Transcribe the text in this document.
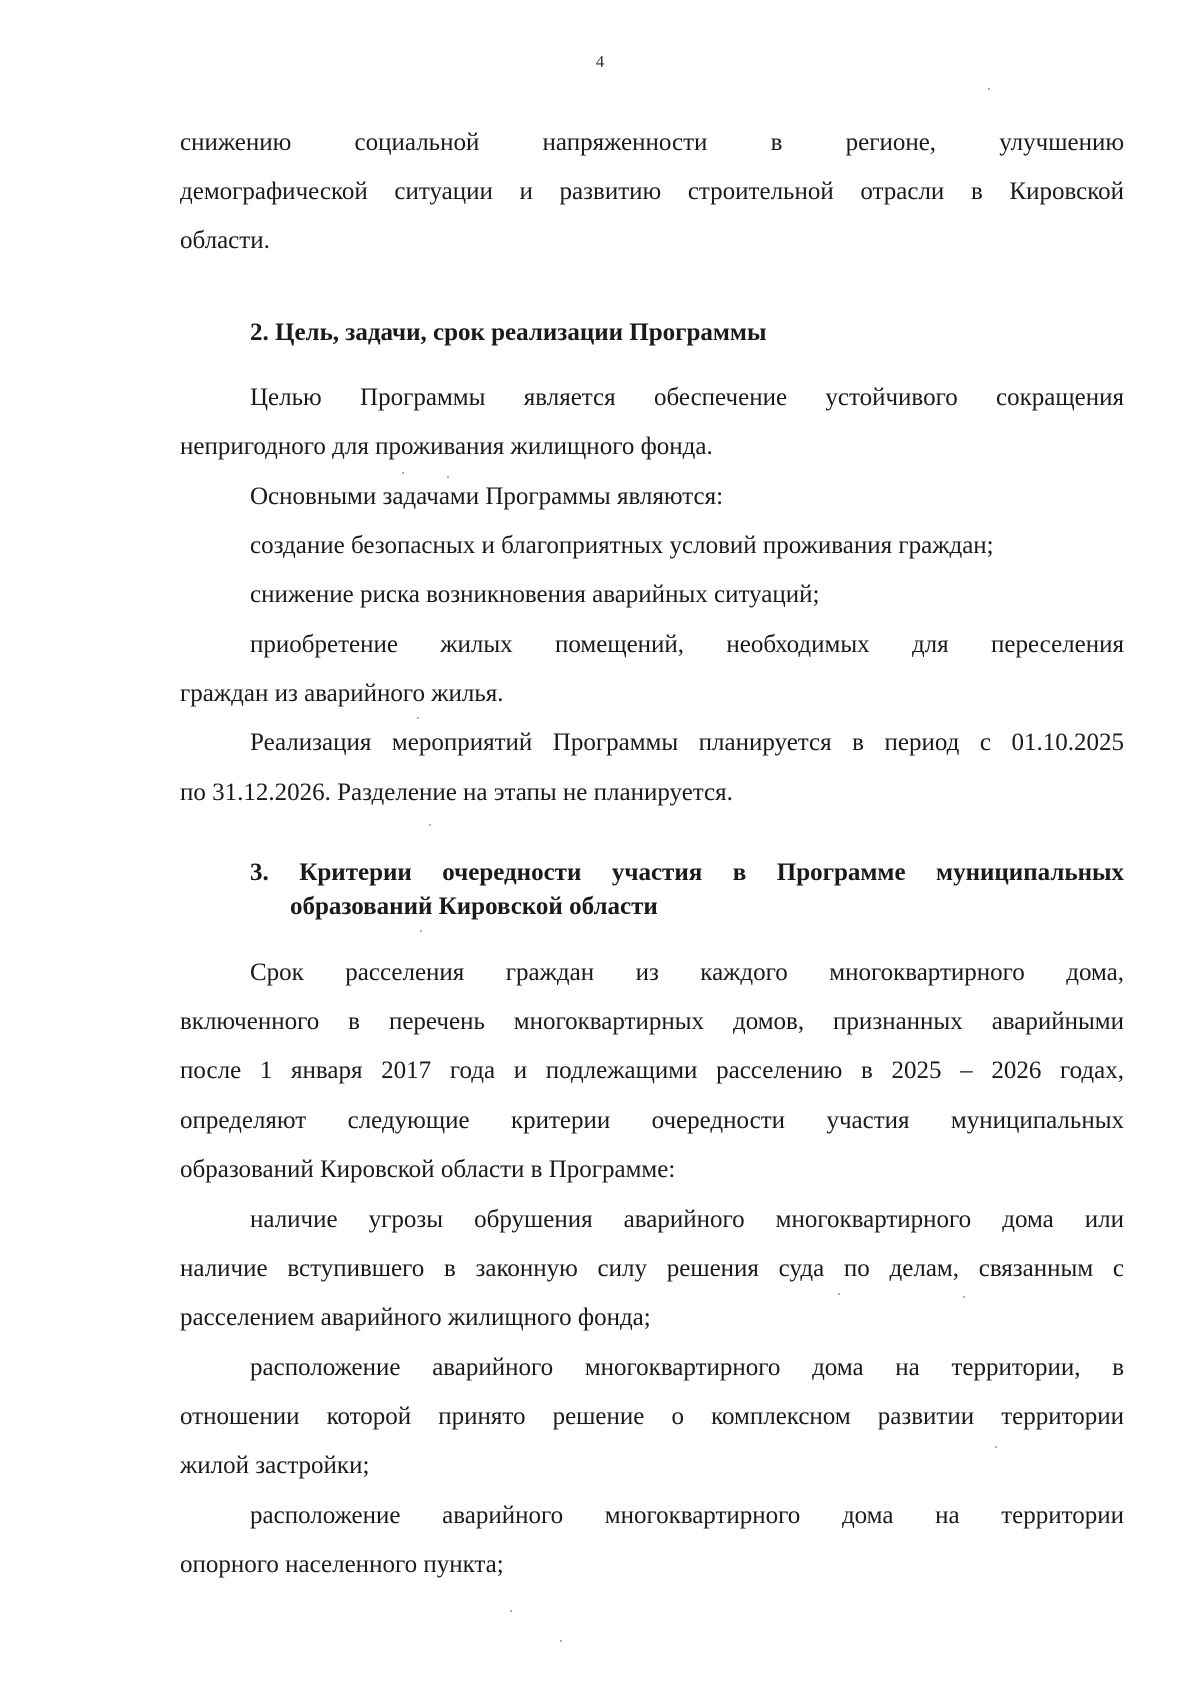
4
снижению социальной напряженности в регионе, улучшению
демографической ситуации и развитию строительной отрасли в Кировской
области.
2. Цель, задачи, срок реализации Программы
Целью Программы является обеспечение устойчивого сокращения
непригодного для проживания жилищного фонда.
Основными задачами Программы являются:
создание безопасных и благоприятных условий проживания граждан;
снижение риска возникновения аварийных ситуаций;
приобретение жилых помещений, необходимых для переселения
граждан из аварийного жилья.
Реализация мероприятий Программы планируется в период с 01.10.2025
по 31.12.2026. Разделение на этапы не планируется.
3. Критерии очередности участия в Программе муниципальных
образований Кировской области
Срок расселения граждан из каждого многоквартирного дома,
включенного в перечень многоквартирных домов, признанных аварийными
после 1 января 2017 года и подлежащими расселению в 2025 – 2026 годах,
определяют следующие критерии очередности участия муниципальных
образований Кировской области в Программе:
наличие угрозы обрушения аварийного многоквартирного дома или
наличие вступившего в законную силу решения суда по делам, связанным с
расселением аварийного жилищного фонда;
расположение аварийного многоквартирного дома на территории, в
отношении которой принято решение о комплексном развитии территории
жилой застройки;
расположение аварийного многоквартирного дома на территории
опорного населенного пункта;
